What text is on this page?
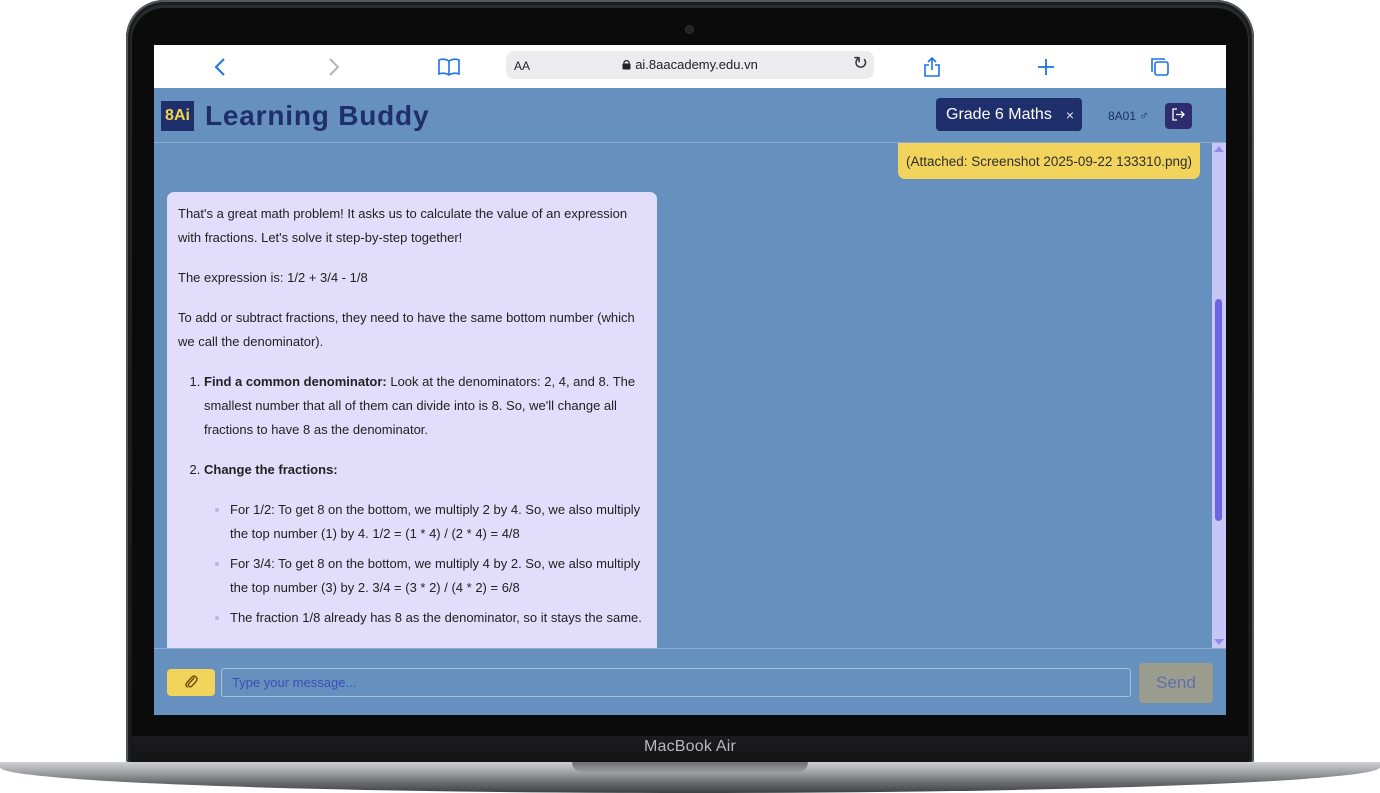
MacBook Air
AA	ai.8aacademy.edu.vn	↻
8Ai Learning Buddy	Grade 6 Maths ×	8A01 ♂
(Attached: Screenshot 2025-09-22 133310.png)

That's a great math problem! It asks us to calculate the value of an expression with fractions. Let's solve it step-by-step together!

The expression is: 1/2 + 3/4 - 1/8

To add or subtract fractions, they need to have the same bottom number (which we call the denominator).

1. Find a common denominator: Look at the denominators: 2, 4, and 8. The smallest number that all of them can divide into is 8. So, we'll change all fractions to have 8 as the denominator.
2. Change the fractions:
• For 1/2: To get 8 on the bottom, we multiply 2 by 4. So, we also multiply the top number (1) by 4. 1/2 = (1 * 4) / (2 * 4) = 4/8
• For 3/4: To get 8 on the bottom, we multiply 4 by 2. So, we also multiply the top number (3) by 2. 3/4 = (3 * 2) / (4 * 2) = 6/8
• The fraction 1/8 already has 8 as the denominator, so it stays the same.
Type your message...
Send
